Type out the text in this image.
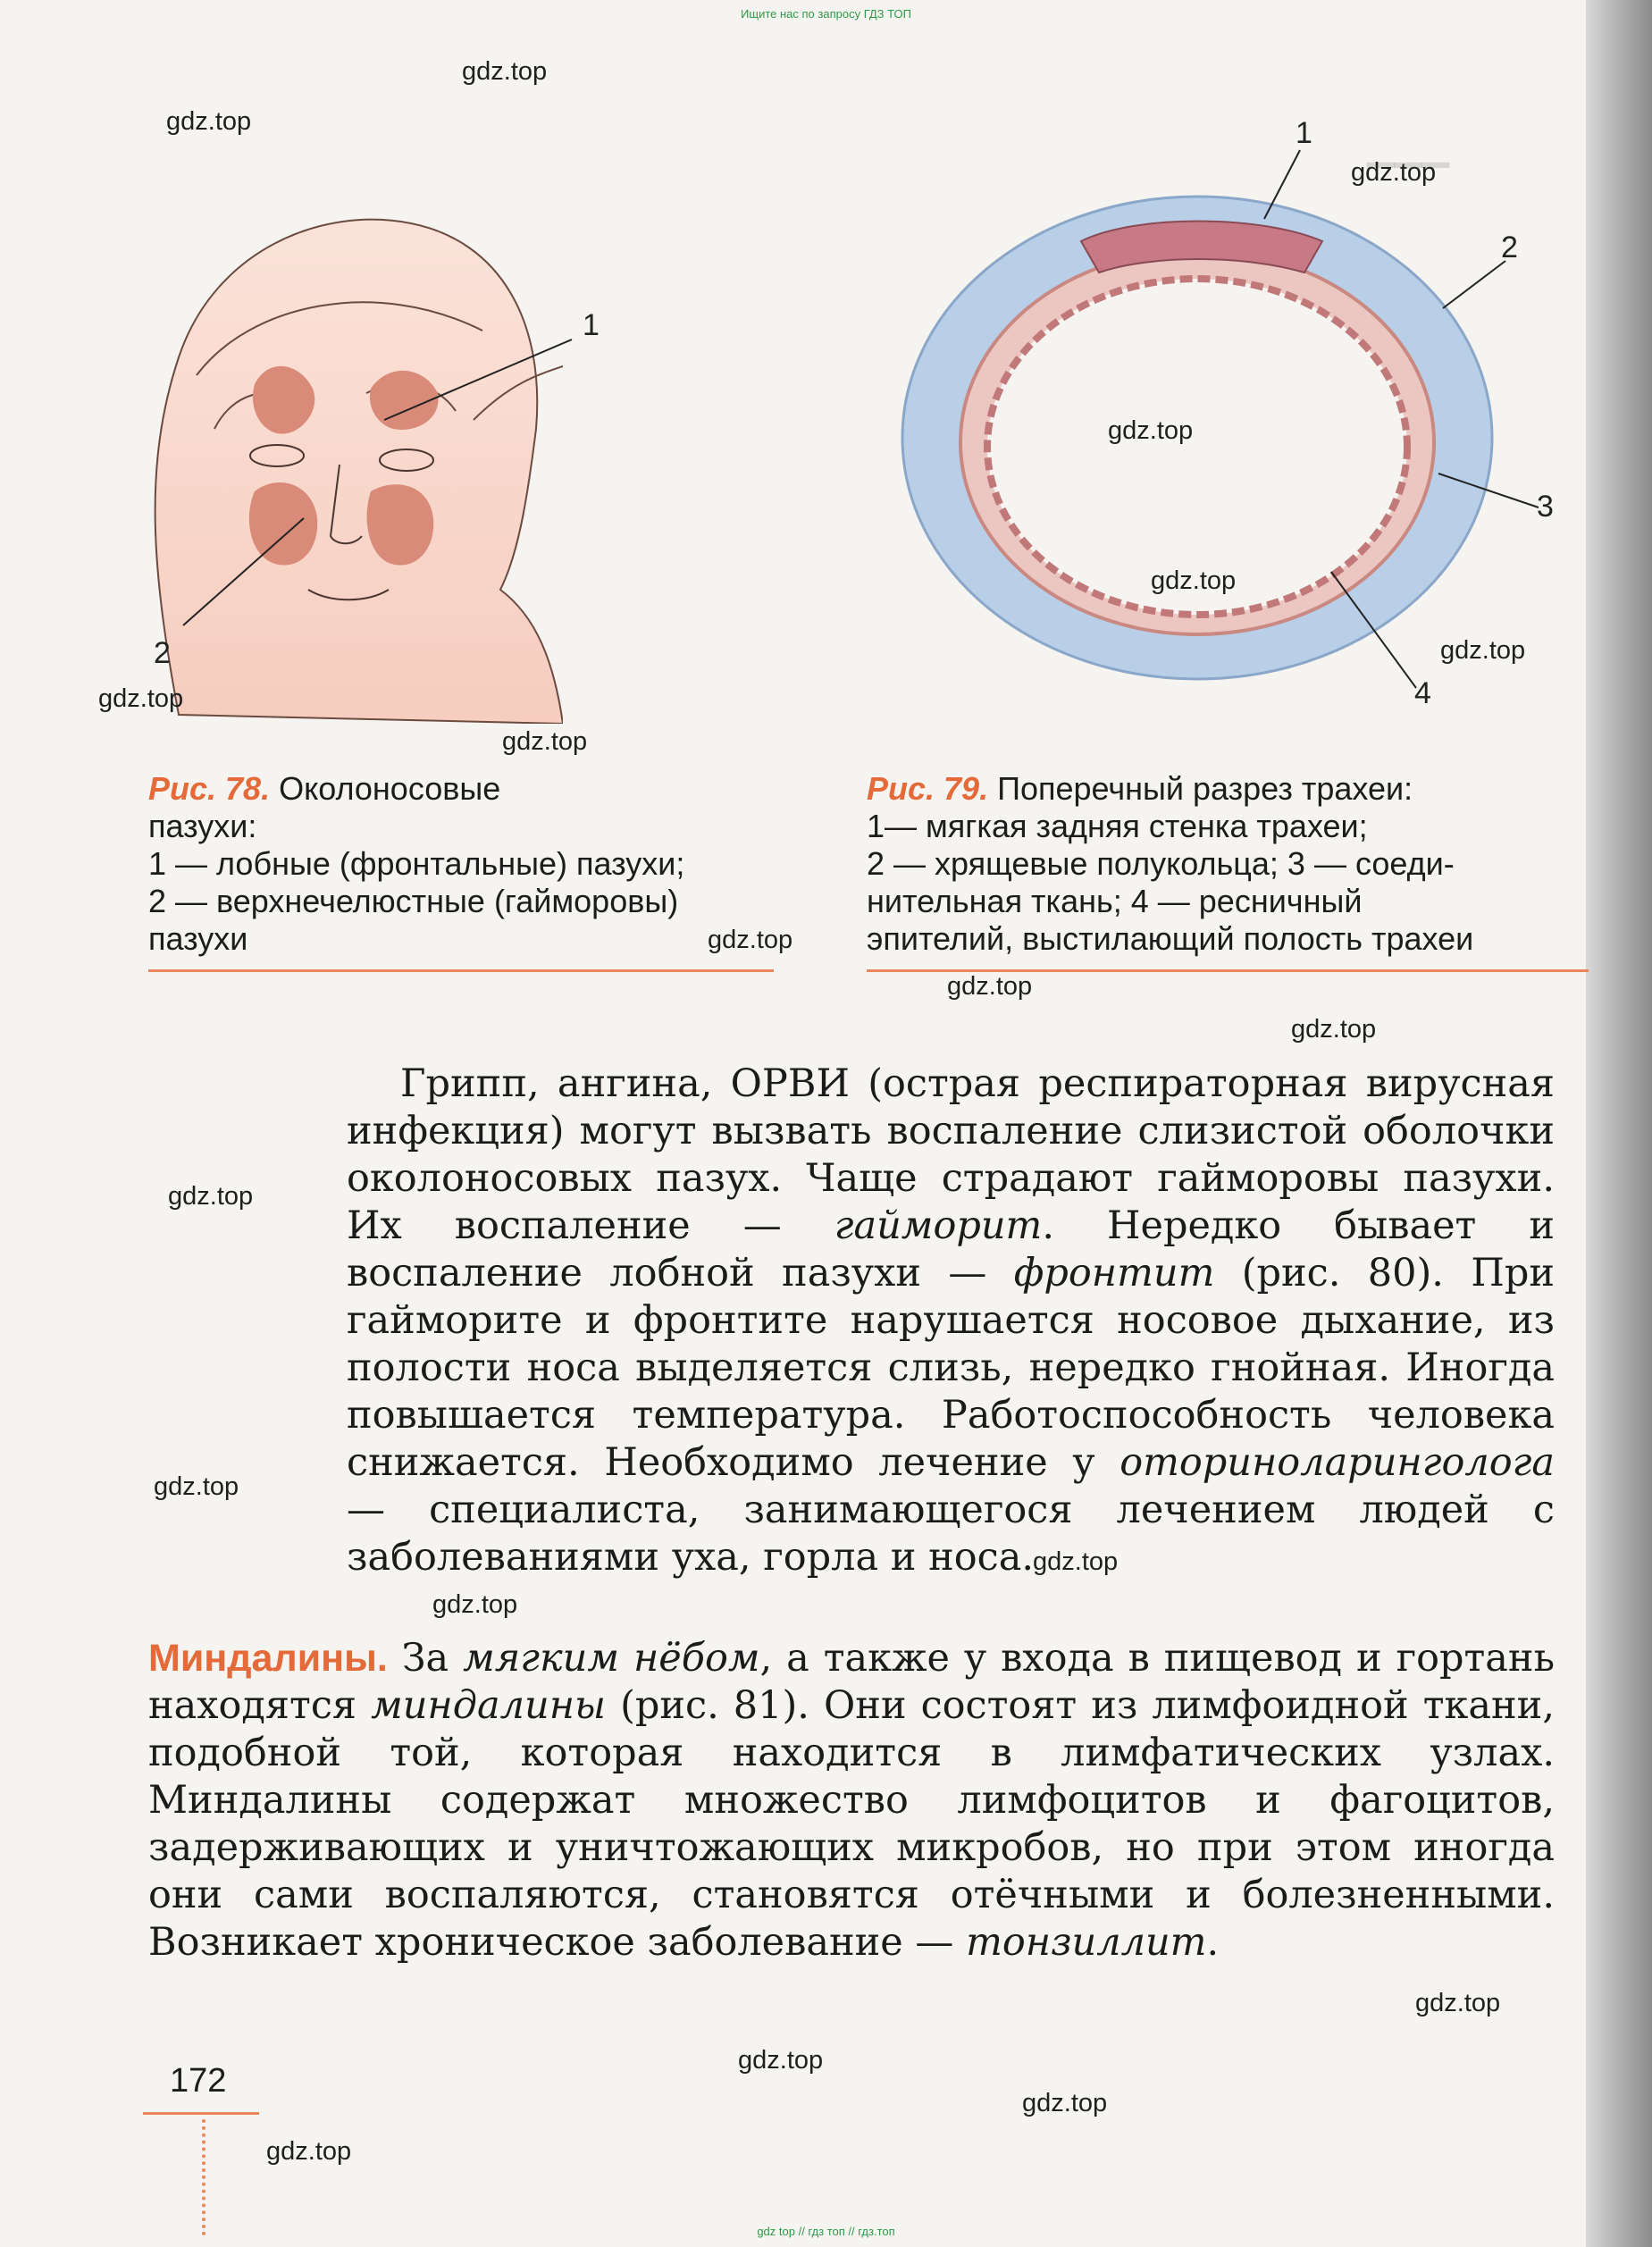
Ищите нас по запросу ГДЗ ТОП
▁▁▁
1
2
1
2
3
4
Рис. 78. Околоносовые
пазухи:
1 — лобные (фронтальные) пазухи;
2 — верхнечелюстные (гайморовы)
пазухи
Рис. 79. Поперечный разрез трахеи:
1— мягкая задняя стенка трахеи;
2 — хрящевые полукольца; 3 — соеди-
нительная ткань; 4 — ресничный
эпителий, выстилающий полость трахеи

Грипп, ангина, ОРВИ (острая респираторная вирусная инфекция) могут вызвать воспаление слизистой оболочки околоносовых пазух. Чаще страдают гайморовы пазухи. Их воспаление — гайморит. Нередко бывает и воспаление лобной пазухи — фронтит (рис. 80). При гайморите и фронтите нарушается носовое дыхание, из полости носа выделяется слизь, нередко гнойная. Иногда повышается температура. Работоспособность человека снижается. Необходимо лечение у оториноларинголога — специалиста, занимающегося лечением людей с заболеваниями уха, горла и носа.

Миндалины. За мягким нёбом, а также у входа в пищевод и гортань находятся миндалины (рис. 81). Они состоят из лимфоидной ткани, подобной той, которая находится в лимфатических узлах. Миндалины содержат множество лимфоцитов и фагоцитов, задерживающих и уничтожающих микробов, но при этом иногда они сами воспаляются, становятся отёчными и болезненными. Возникает хроническое заболевание — тонзиллит.

172
gdz.top
gdz.top
gdz.top
gdz.top
gdz.top
gdz.top
gdz.top
gdz.top
gdz.top
gdz.top
gdz.top
gdz.top
gdz.top
gdz.top
gdz.top
gdz.top
gdz.top
gdz.top
gdz.top
gdz top // гдз топ // гдз.топ
